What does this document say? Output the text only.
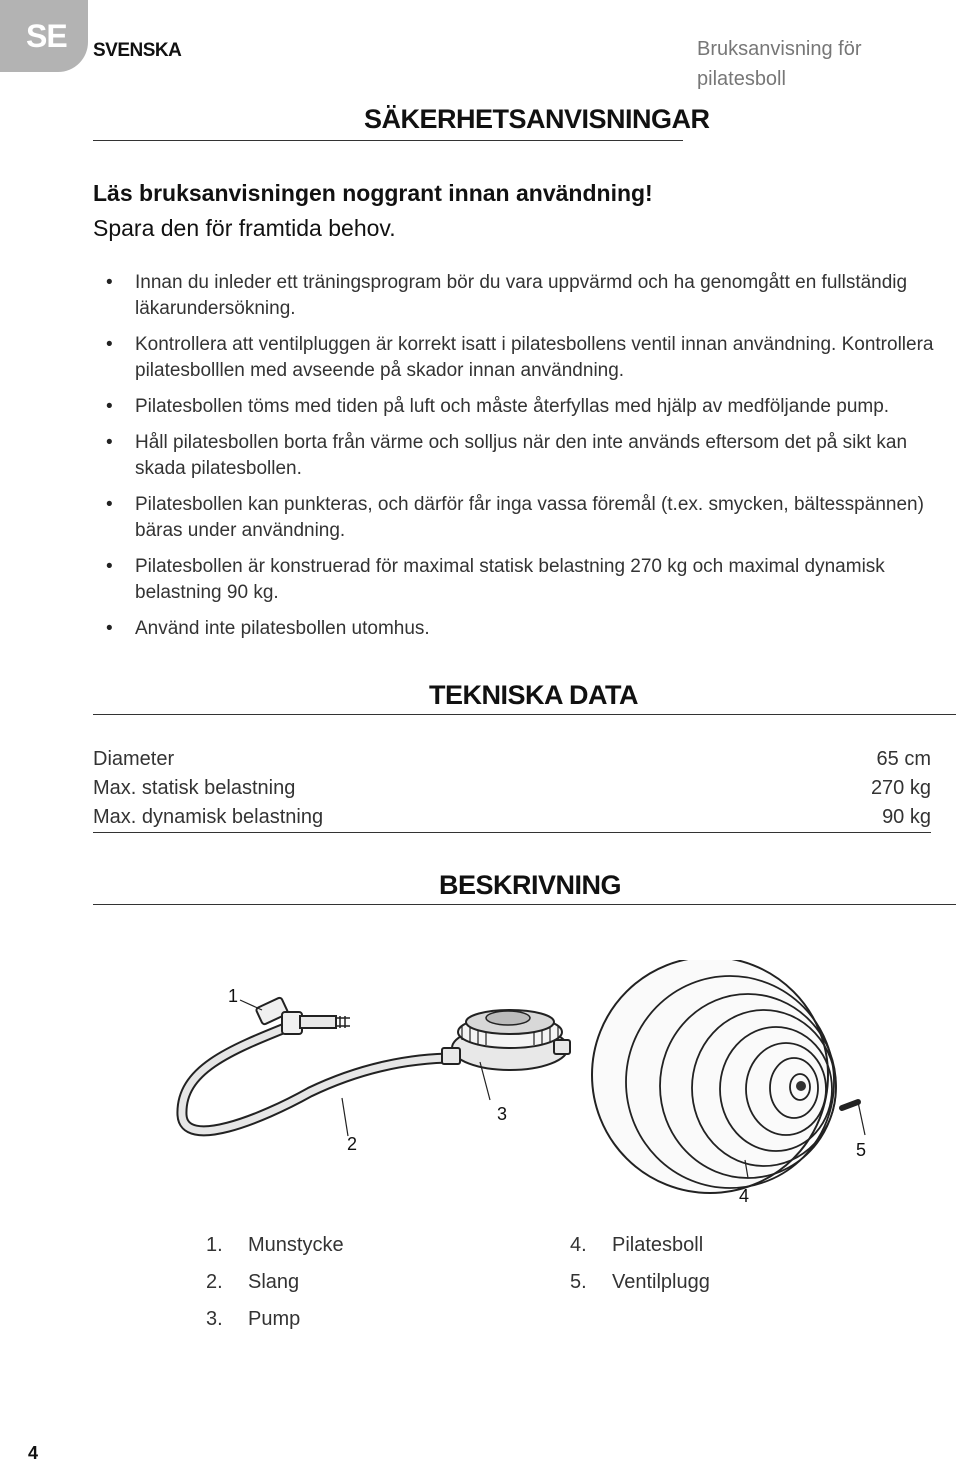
SE SVENSKA	Bruksanvisning för pilatesboll
SÄKERHETSANVISNINGAR
Läs bruksanvisningen noggrant innan användning!
Spara den för framtida behov.
• Innan du inleder ett träningsprogram bör du vara uppvärmd och ha genomgått en fullständig läkarundersökning.
• Kontrollera att ventilpluggen är korrekt isatt i pilatesbollens ventil innan användning. Kontrollera pilatesbolllen med avseende på skador innan användning.
• Pilatesbollen töms med tiden på luft och måste återfyllas med hjälp av medföljande pump.
• Håll pilatesbollen borta från värme och solljus när den inte används eftersom det på sikt kan skada pilatesbollen.
• Pilatesbollen kan punkteras, och därför får inga vassa föremål (t.ex. smycken, bältesspännen) bäras under användning.
• Pilatesbollen är konstruerad för maximal statisk belastning 270 kg och maximal dynamisk belastning 90 kg.
• Använd inte pilatesbollen utomhus.
TEKNISKA DATA
Diameter	65 cm
Max. statisk belastning	270 kg
Max. dynamisk belastning	90 kg
BESKRIVNING
1
2
3
4
5
1. Munstycke
2. Slang
3. Pump
4. Pilatesboll
5. Ventilplugg
4
